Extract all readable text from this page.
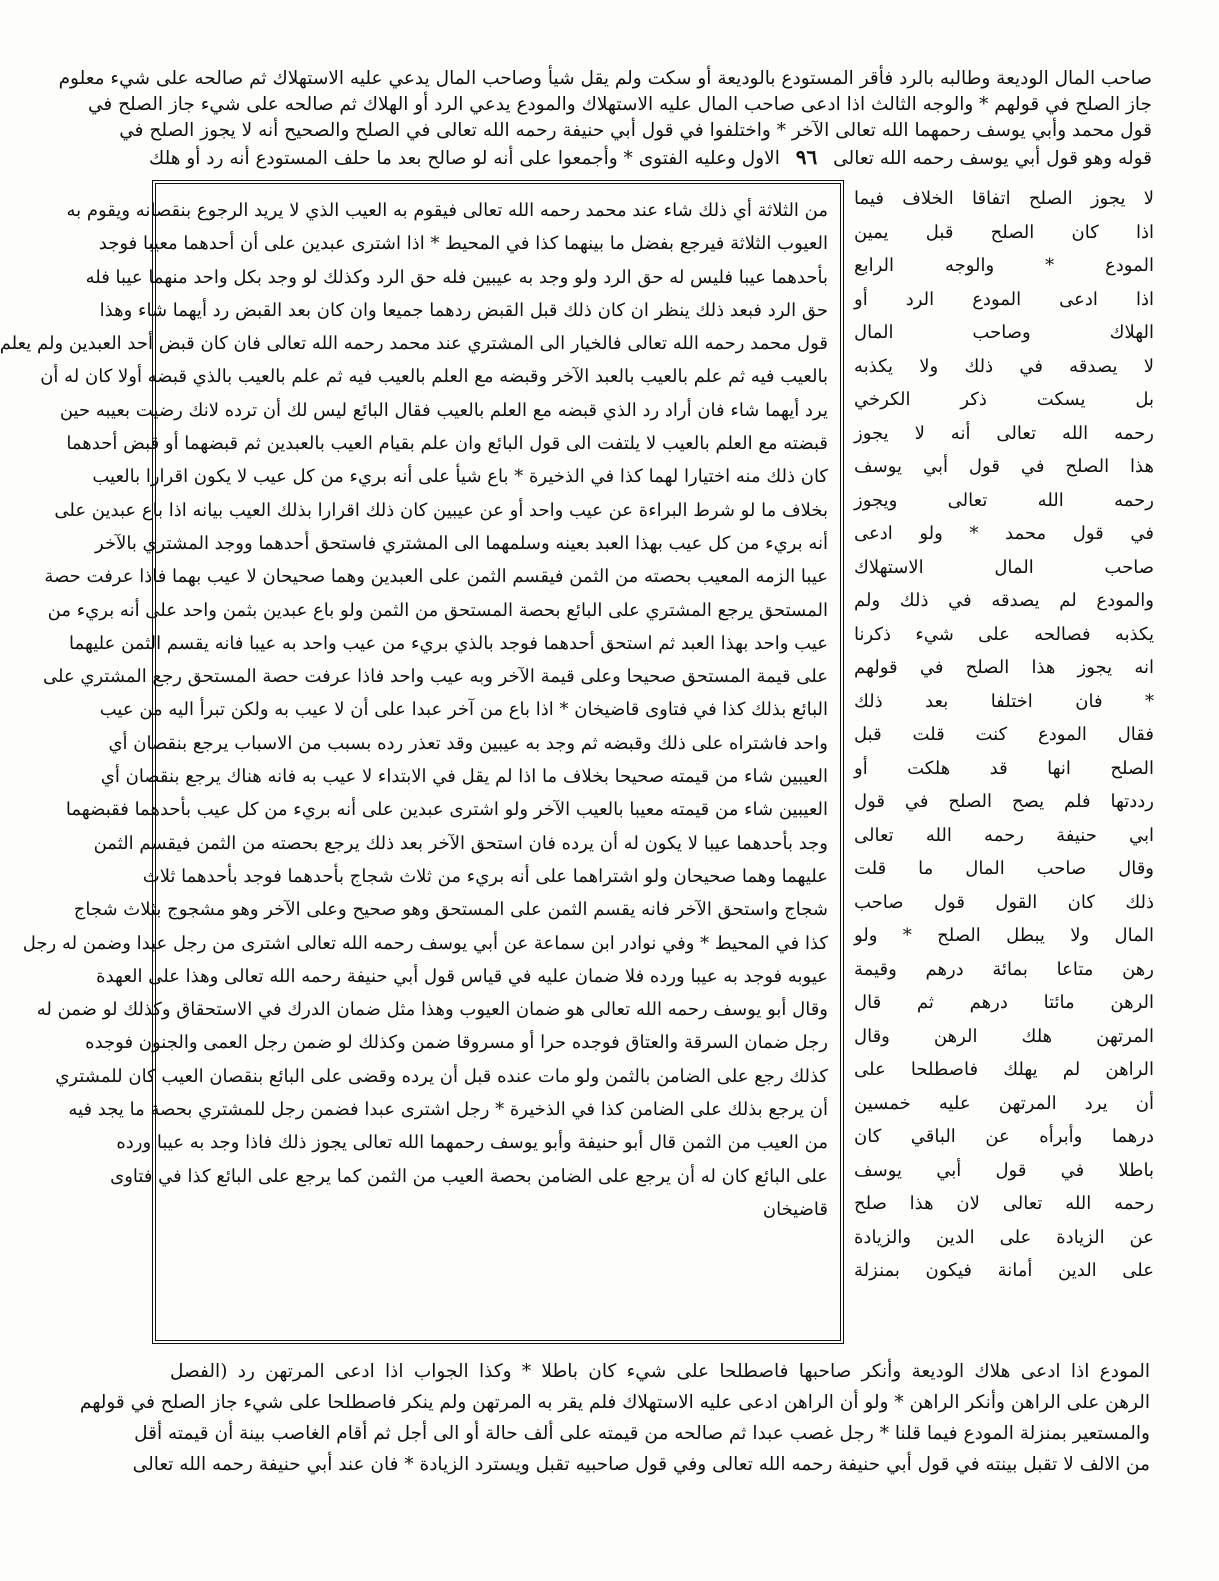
صاحب المال الوديعة وطالبه بالرد فأقر المستودع بالوديعة أو سكت ولم يقل شيأ وصاحب المال يدعي عليه الاستهلاك ثم صالحه على شيء معلوم
جاز الصلح في قولهم * والوجه الثالث اذا ادعى صاحب المال عليه الاستهلاك والمودع يدعي الرد أو الهلاك ثم صالحه على شيء جاز الصلح في
قول محمد وأبي يوسف رحمهما الله تعالى الآخر * واختلفوا في قول أبي حنيفة رحمه الله تعالى في الصلح والصحيح أنه لا يجوز الصلح في
قوله وهو قول أبي يوسف رحمه الله تعالى ٩٦ الاول وعليه الفتوى * وأجمعوا على أنه لو صالح بعد ما حلف المستودع أنه رد أو هلك
لا يجوز الصلح اتفاقا الخلاف فيما
اذا كان الصلح قبل يمين
المودع * والوجه الرابع
اذا ادعى المودع الرد أو
الهلاك وصاحب المال
لا يصدقه في ذلك ولا يكذبه
بل يسكت ذكر الكرخي
رحمه الله تعالى أنه لا يجوز
هذا الصلح في قول أبي يوسف
رحمه الله تعالى ويجوز
في قول محمد * ولو ادعى
صاحب المال الاستهلاك
والمودع لم يصدقه في ذلك ولم
يكذبه فصالحه على شيء ذكرنا
انه يجوز هذا الصلح في قولهم
* فان اختلفا بعد ذلك
فقال المودع كنت قلت قبل
الصلح انها قد هلكت أو
رددتها فلم يصح الصلح في قول
ابي حنيفة رحمه الله تعالى
وقال صاحب المال ما قلت
ذلك كان القول قول صاحب
المال ولا يبطل الصلح * ولو
رهن متاعا بمائة درهم وقيمة
الرهن مائتا درهم ثم قال
المرتهن هلك الرهن وقال
الراهن لم يهلك فاصطلحا على
أن يرد المرتهن عليه خمسين
درهما وأبرأه عن الباقي كان
باطلا في قول أبي يوسف
رحمه الله تعالى لان هذا صلح
عن الزيادة على الدين والزيادة
على الدين أمانة فيكون بمنزلة
من الثلاثة أي ذلك شاء عند محمد رحمه الله تعالى فيقوم به العيب الذي لا يريد الرجوع بنقصانه ويقوم به
العيوب الثلاثة فيرجع بفضل ما بينهما كذا في المحيط * اذا اشترى عبدين على أن أحدهما معيبا فوجد
بأحدهما عيبا فليس له حق الرد ولو وجد به عيبين فله حق الرد وكذلك لو وجد بكل واحد منهما عيبا فله
حق الرد فبعد ذلك ينظر ان كان ذلك قبل القبض ردهما جميعا وان كان بعد القبض رد أيهما شاء وهذا
قول محمد رحمه الله تعالى فالخيار الى المشتري عند محمد رحمه الله تعالى فان كان قبض أحد العبدين ولم يعلم
بالعيب فيه ثم علم بالعيب بالعبد الآخر وقبضه مع العلم بالعيب فيه ثم علم بالعيب بالذي قبضه أولا كان له أن
يرد أيهما شاء فان أراد رد الذي قبضه مع العلم بالعيب فقال البائع ليس لك أن ترده لانك رضيت بعيبه حين
قبضته مع العلم بالعيب لا يلتفت الى قول البائع وان علم بقيام العيب بالعبدين ثم قبضهما أو قبض أحدهما
كان ذلك منه اختيارا لهما كذا في الذخيرة * باع شيأ على أنه بريء من كل عيب لا يكون اقرارا بالعيب
بخلاف ما لو شرط البراءة عن عيب واحد أو عن عيبين كان ذلك اقرارا بذلك العيب بيانه اذا باع عبدين على
أنه بريء من كل عيب بهذا العبد بعينه وسلمهما الى المشتري فاستحق أحدهما ووجد المشتري بالآخر
عيبا الزمه المعيب بحصته من الثمن فيقسم الثمن على العبدين وهما صحيحان لا عيب بهما فاذا عرفت حصة
المستحق يرجع المشتري على البائع بحصة المستحق من الثمن ولو باع عبدين بثمن واحد على أنه بريء من
عيب واحد بهذا العبد ثم استحق أحدهما فوجد بالذي بريء من عيب واحد به عيبا فانه يقسم الثمن عليهما
على قيمة المستحق صحيحا وعلى قيمة الآخر وبه عيب واحد فاذا عرفت حصة المستحق رجع المشتري على
البائع بذلك كذا في فتاوى قاضيخان * اذا باع من آخر عبدا على أن لا عيب به ولكن تبرأ اليه من عيب
واحد فاشتراه على ذلك وقبضه ثم وجد به عيبين وقد تعذر رده بسبب من الاسباب يرجع بنقصان أي
العيبين شاء من قيمته صحيحا بخلاف ما اذا لم يقل في الابتداء لا عيب به فانه هناك يرجع بنقصان أي
العيبين شاء من قيمته معيبا بالعيب الآخر ولو اشترى عبدين على أنه بريء من كل عيب بأحدهما فقبضهما
وجد بأحدهما عيبا لا يكون له أن يرده فان استحق الآخر بعد ذلك يرجع بحصته من الثمن فيقسم الثمن
عليهما وهما صحيحان ولو اشتراهما على أنه بريء من ثلاث شجاج بأحدهما فوجد بأحدهما ثلاث
شجاج واستحق الآخر فانه يقسم الثمن على المستحق وهو صحيح وعلى الآخر وهو مشجوج بثلاث شجاج
كذا في المحيط * وفي نوادر ابن سماعة عن أبي يوسف رحمه الله تعالى اشترى من رجل عبدا وضمن له رجل
عيوبه فوجد به عيبا ورده فلا ضمان عليه في قياس قول أبي حنيفة رحمه الله تعالى وهذا على العهدة
وقال أبو يوسف رحمه الله تعالى هو ضمان العيوب وهذا مثل ضمان الدرك في الاستحقاق وكذلك لو ضمن له
رجل ضمان السرقة والعتاق فوجده حرا أو مسروقا ضمن وكذلك لو ضمن رجل العمى والجنون فوجده
كذلك رجع على الضامن بالثمن ولو مات عنده قبل أن يرده وقضى على البائع بنقصان العيب كان للمشتري
أن يرجع بذلك على الضامن كذا في الذخيرة * رجل اشترى عبدا فضمن رجل للمشتري بحصة ما يجد فيه
من العيب من الثمن قال أبو حنيفة وأبو يوسف رحمهما الله تعالى يجوز ذلك فاذا وجد به عيبا ورده
على البائع كان له أن يرجع على الضامن بحصة العيب من الثمن كما يرجع على البائع كذا في فتاوى
قاضيخان
المودع اذا ادعى هلاك الوديعة وأنكر صاحبها فاصطلحا على شيء كان باطلا * وكذا الجواب اذا ادعى المرتهن رد (الفصل
الرهن على الراهن وأنكر الراهن * ولو أن الراهن ادعى عليه الاستهلاك فلم يقر به المرتهن ولم ينكر فاصطلحا على شيء جاز الصلح في قولهم
والمستعير بمنزلة المودع فيما قلنا * رجل غصب عبدا ثم صالحه من قيمته على ألف حالة أو الى أجل ثم أقام الغاصب بينة أن قيمته أقل
من الالف لا تقبل بينته في قول أبي حنيفة رحمه الله تعالى وفي قول صاحبيه تقبل ويسترد الزيادة * فان عند أبي حنيفة رحمه الله تعالى
